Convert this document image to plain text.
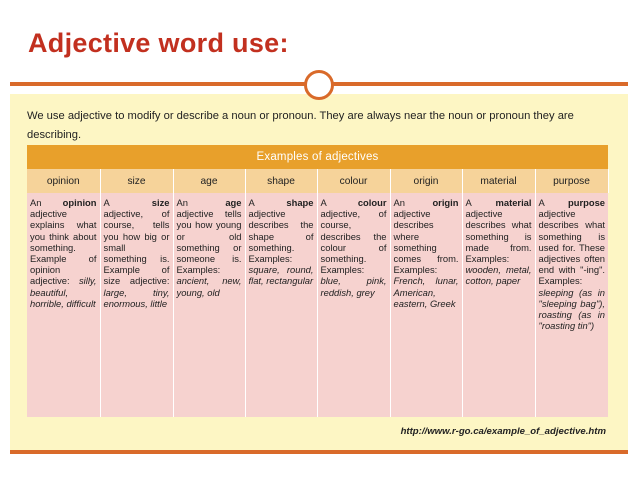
Adjective word use:
We use adjective to modify or describe a noun or pronoun. They are always near the noun or pronoun they are describing.
Examples of adjectives							
opinion	size	age	shape	colour	origin	material	purpose
An opinion adjective explains what you think about something. Example of opinion adjective: silly, beautiful, horrible, difficult	A size adjective, of course, tells you how big or small something is. Example of size adjective: large, tiny, enormous, little	An age adjective tells you how young or old something or someone is. Examples: ancient, new, young, old	A shape adjective describes the shape of something. Examples: square, round, flat, rectangular	A colour adjective, of course, describes the colour of something. Examples: blue, pink, reddish, grey	An origin adjective describes where something comes from. Examples: French, lunar, American, eastern, Greek	A material adjective describes what something is made from. Examples: wooden, metal, cotton, paper	A purpose adjective describes what something is used for. These adjectives often end with "-ing". Examples: sleeping (as in "sleeping bag"), roasting (as in "roasting tin")
http://www.r-go.ca/example_of_adjective.htm
